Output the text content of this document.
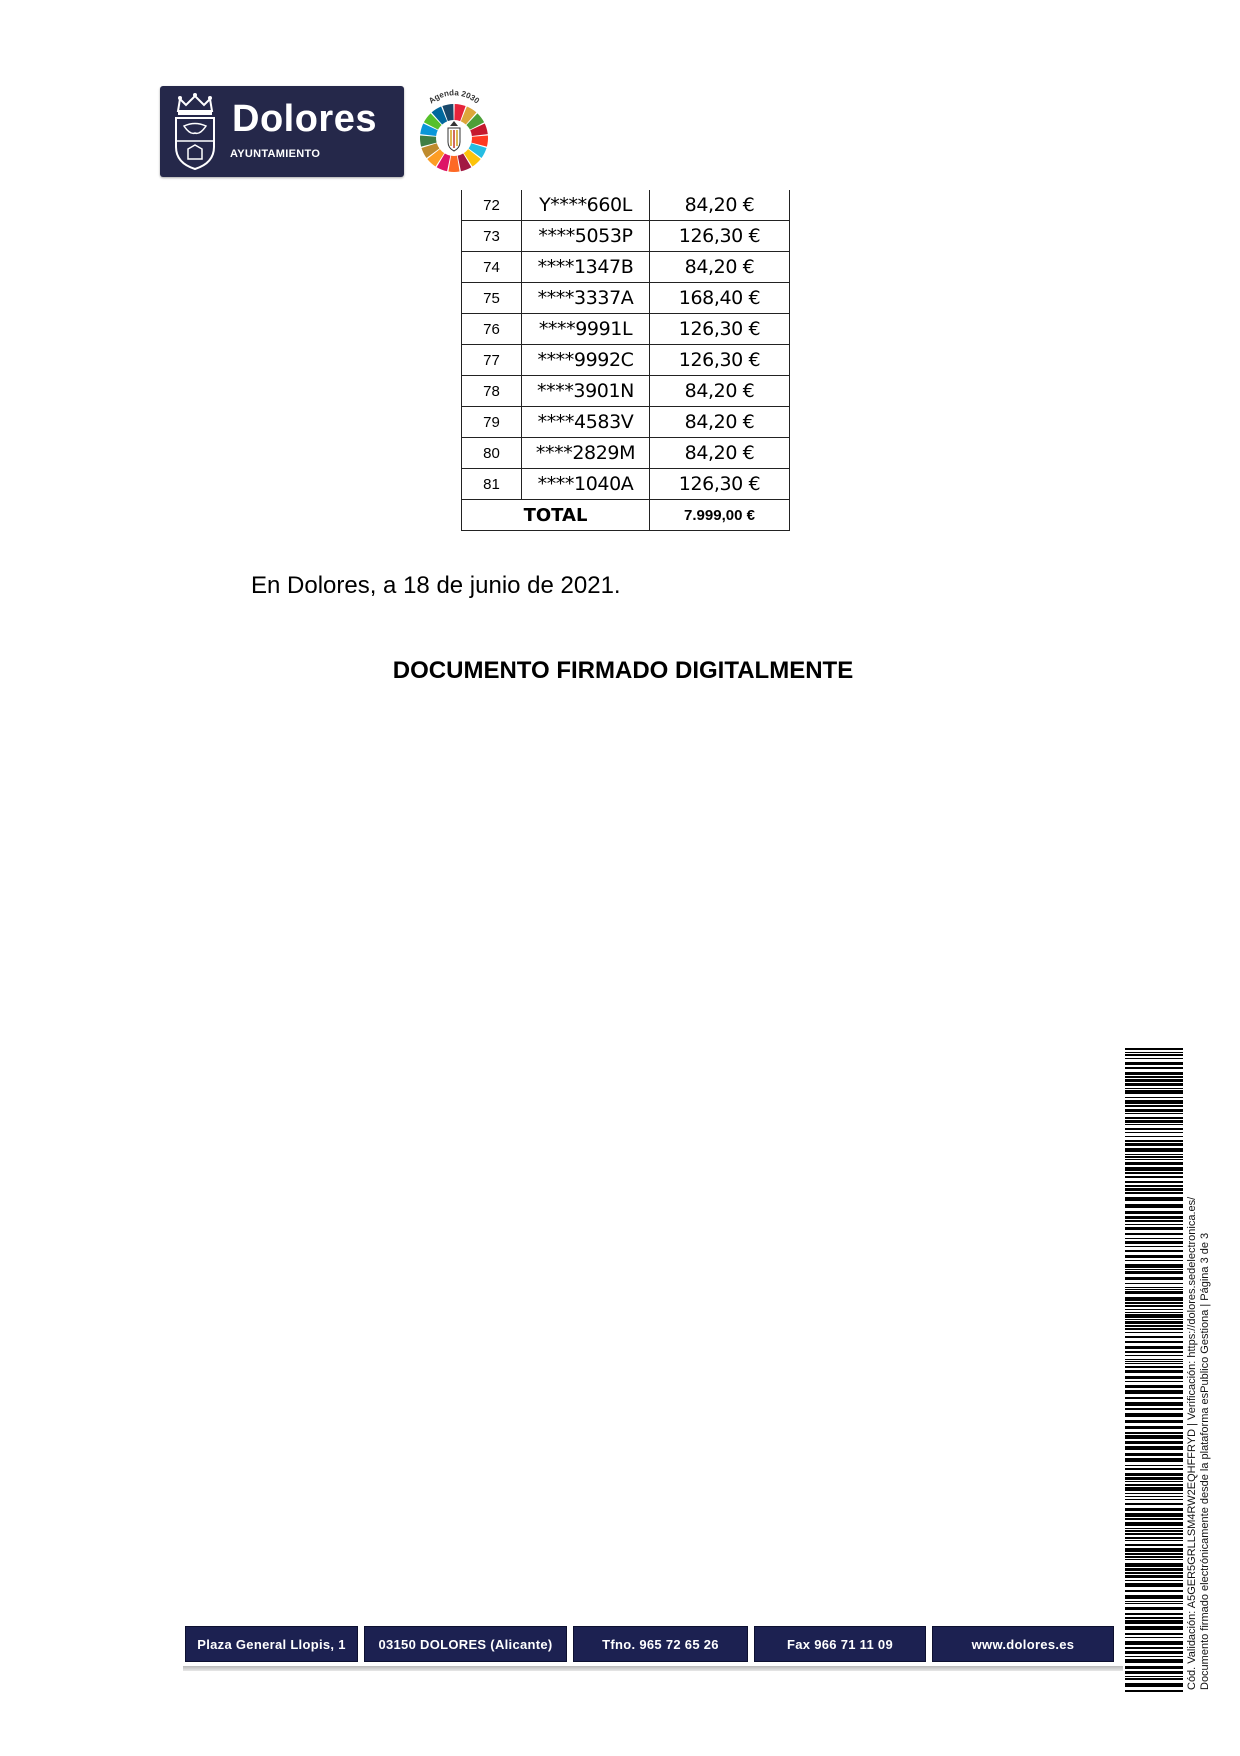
Dolores
AYUNTAMIENTO
Agenda 2030
72	Y****660L	84,20 €
73	****5053P	126,30 €
74	****1347B	84,20 €
75	****3337A	168,40 €
76	****9991L	126,30 €
77	****9992C	126,30 €
78	****3901N	84,20 €
79	****4583V	84,20 €
80	****2829M	84,20 €
81	****1040A	126,30 €
TOTAL		7.999,00 €
En Dolores, a 18 de junio de 2021.
DOCUMENTO FIRMADO DIGITALMENTE
Cód. Validación: A5GER5GRLLSM4RW2EQHFFRYD | Verificación: https://dolores.sedelectronica.es/ Documento firmado electrónicamente desde la plataforma esPublico Gestiona | Página 3 de 3
Plaza General Llopis, 1	03150 DOLORES (Alicante)	Tfno. 965 72 65 26	Fax 966 71 11 09	www.dolores.es
